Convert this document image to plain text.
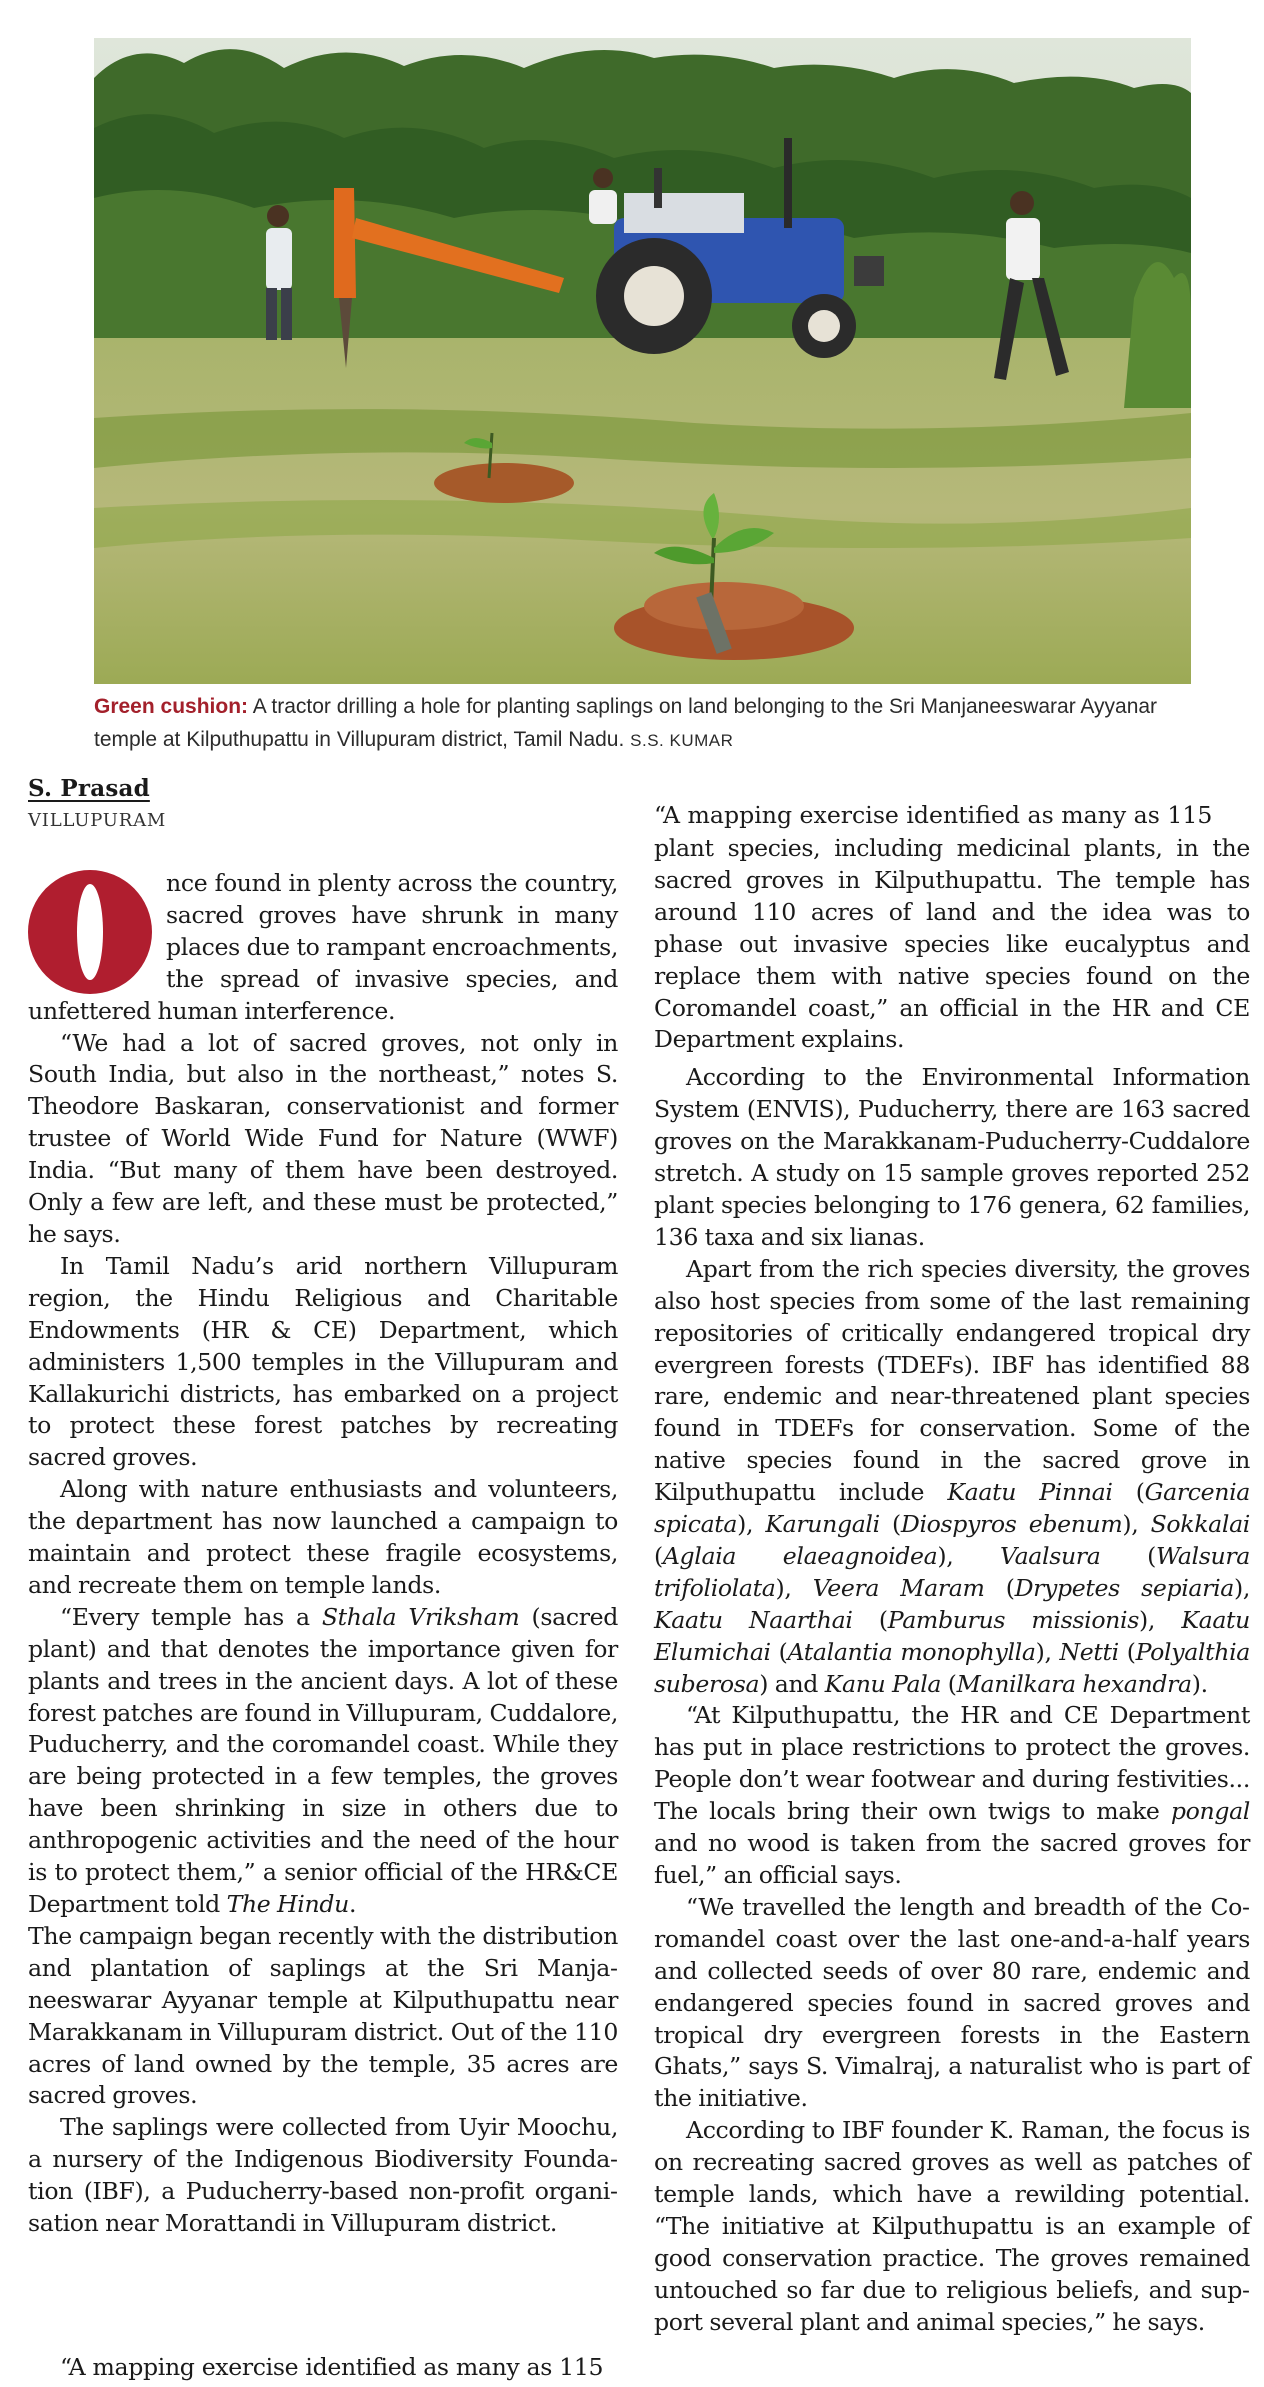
Green cushion: A tractor drilling a hole for planting saplings on land belonging to the Sri Manjaneeswarar Ayyanar temple at Kilputhupattu in Villupuram district, Tamil Nadu. S.S. KUMAR
S. Prasad
VILLUPURAM

nce found in plenty across the country, sacred groves have shrunk in many places due to rampant encroachments, the spread of invasive species, and unfettered human interference.

“We had a lot of sacred groves, not only in South India, but also in the northeast,” notes S. Theodore Baskaran, conservationist and former trustee of World Wide Fund for Nature (WWF) India. “But many of them have been destroyed. Only a few are left, and these must be protected,” he says.

In Tamil Nadu’s arid northern Villupuram region, the Hindu Religious and Charitable Endowments (HR & CE) Department, which administers 1,500 temples in the Villupuram and Kallakurichi districts, has embarked on a project to protect these forest patches by recreating sacred groves.

Along with nature enthusiasts and volunteers, the department has now launched a campaign to maintain and protect these fragile ecosystems, and recreate them on temple lands.

“Every temple has a Sthala Vriksham (sacred plant) and that denotes the importance given for plants and trees in the ancient days. A lot of these forest patches are found in Villupuram, Cuddalore, Puducherry, and the coromandel coast. While they are being protected in a few temples, the groves have been shrinking in size in others due to anthropogenic activities and the need of the hour is to protect them,” a senior official of the HR&CE Department told The Hindu.

The campaign began recently with the distribution and plantation of saplings at the Sri Manjaneeswarar Ayyanar temple at Kilputhupattu near Marakkanam in Villupuram district. Out of the 110 acres of land owned by the temple, 35 acres are sacred groves.

The saplings were collected from Uyir Moochu, a nursery of the Indigenous Biodiversity Foundation (IBF), a Puducherry-based non-profit organisation near Morattandi in Villupuram district.

“A mapping exercise identified as many as 115
“A mapping exercise identified as many as 115

plant species, including medicinal plants, in the sacred groves in Kilputhupattu. The temple has around 110 acres of land and the idea was to phase out invasive species like eucalyptus and replace them with native species found on the Coromandel coast,” an official in the HR and CE Department explains.

According to the Environmental Information System (ENVIS), Puducherry, there are 163 sacred groves on the Marakkanam-Puducherry-Cuddalore stretch. A study on 15 sample groves reported 252 plant species belonging to 176 genera, 62 families, 136 taxa and six lianas.

Apart from the rich species diversity, the groves also host species from some of the last remaining repositories of critically endangered tropical dry evergreen forests (TDEFs). IBF has identified 88 rare, endemic and near-threatened plant species found in TDEFs for conservation. Some of the native species found in the sacred grove in Kilputhupattu include Kaatu Pinnai (Garcenia spicata), Karungali (Diospyros ebenum), Sokkalai (Aglaia elaeagnoidea), Vaalsura (Walsura trifoliolata), Veera Maram (Drypetes sepiaria), Kaatu Naarthai (Pamburus missionis), Kaatu Elumichai (Atalantia monophylla), Netti (Polyalthia suberosa) and Kanu Pala (Manilkara hexandra).

“At Kilputhupattu, the HR and CE Department has put in place restrictions to protect the groves. People don’t wear footwear and during festivities... The locals bring their own twigs to make pongal and no wood is taken from the sacred groves for fuel,” an official says.

“We travelled the length and breadth of the Coromandel coast over the last one-and-a-half years and collected seeds of over 80 rare, endemic and endangered species found in sacred groves and tropical dry evergreen forests in the Eastern Ghats,” says S. Vimalraj, a naturalist who is part of the initiative.

According to IBF founder K. Raman, the focus is on recreating sacred groves as well as patches of temple lands, which have a rewilding potential. “The initiative at Kilputhupattu is an example of good conservation practice. The groves remained untouched so far due to religious beliefs, and support several plant and animal species,” he says.
